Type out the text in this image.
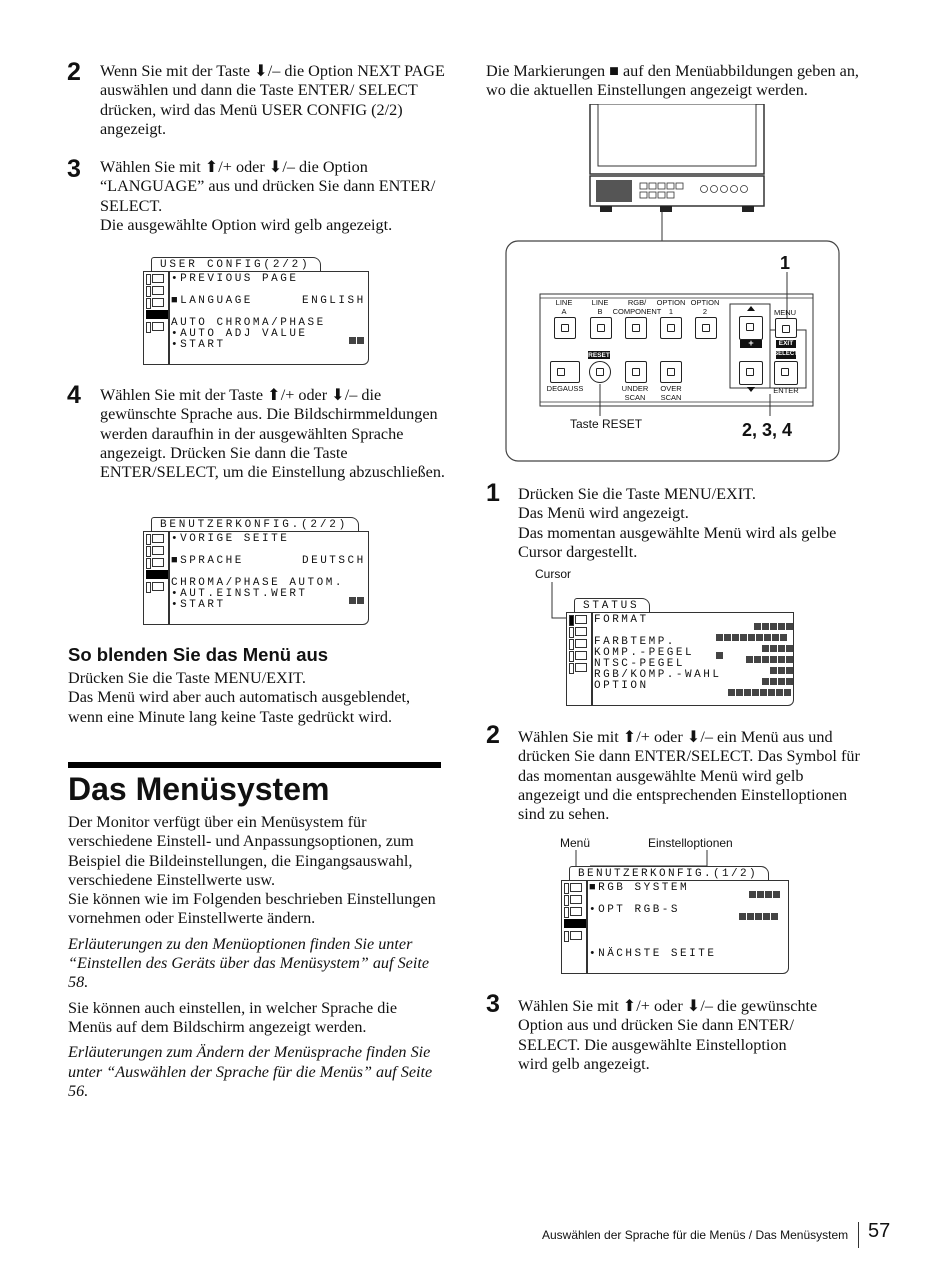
2 Wenn Sie mit der Taste ⬇/– die Option NEXT PAGE auswählen und dann die Taste ENTER/ SELECT drücken, wird das Menü USER CONFIG (2/2) angezeigt.
3 Wählen Sie mit ⬆/+ oder ⬇/– die Option

“LANGUAGE” aus und drücken Sie dann ENTER/

SELECT.

Die ausgewählte Option wird gelb angezeigt.

USER CONFIG(2/2)
•PREVIOUS PAGE
■LANGUAGE	ENGLISH
AUTO CHROMA/PHASE
•AUTO ADJ VALUE
•START
4 Wählen Sie mit der Taste ⬆/+ oder ⬇/– die gewünschte Sprache aus. Die Bildschirmmeldungen werden daraufhin in der ausgewählten Sprache angezeigt. Drücken Sie dann die Taste ENTER/SELECT, um die Einstellung abzuschließen.
BENUTZERKONFIG.(2/2)
•VORIGE SEITE
■SPRACHE	DEUTSCH
CHROMA/PHASE AUTOM.
•AUT.EINST.WERT
•START
So blenden Sie das Menü aus

Drücken Sie die Taste MENU/EXIT.

Das Menü wird aber auch automatisch ausgeblendet, wenn eine Minute lang keine Taste gedrückt wird.

Das Menüsystem

Der Monitor verfügt über ein Menüsystem für verschiedene Einstell- und Anpassungsoptionen, zum Beispiel die Bildeinstellungen, die Eingangsauswahl, verschiedene Einstellwerte usw.

Sie können wie im Folgenden beschrieben Einstellungen vornehmen oder Einstellwerte ändern.

Erläuterungen zu den Menüoptionen finden Sie unter “Einstellen des Geräts über das Menüsystem” auf Seite 58.

Sie können auch einstellen, in welcher Sprache die Menüs auf dem Bildschirm angezeigt werden.

Erläuterungen zum Ändern der Menüsprache finden Sie unter “Auswählen der Sprache für die Menüs” auf Seite 56.

Die Markierungen ■ auf den Menüabbildungen geben an, wo die aktuellen Einstellungen angezeigt werden.
1
2, 3, 4
Taste RESET
LINE
A
LINE
B
RGB/
COMPONENT
OPTION
1
OPTION
2
DEGAUSS
RESET
UNDER
SCAN
OVER
SCAN
+
–
MENU
EXIT
SELECT
ENTER
1 Drücken Sie die Taste MENU/EXIT.

Das Menü wird angezeigt.

Das momentan ausgewählte Menü wird als gelbe Cursor dargestellt.

Cursor
STATUS
FORMAT
FARBTEMP.
KOMP.-PEGEL
NTSC-PEGEL
RGB/KOMP.-WAHL
OPTION
2 Wählen Sie mit ⬆/+ oder ⬇/– ein Menü aus und drücken Sie dann ENTER/SELECT. Das Symbol für das momentan ausgewählte Menü wird gelb angezeigt und die entsprechenden Einstelloptionen sind zu sehen.
Menü	Einstelloptionen
BENUTZERKONFIG.(1/2)
■RGB SYSTEM
•OPT RGB-S
•NÄCHSTE SEITE
3 Wählen Sie mit ⬆/+ oder ⬇/– die gewünschte Option aus und drücken Sie dann ENTER/ SELECT. Die ausgewählte Einstelloption wird gelb angezeigt.
Auswählen der Sprache für die Menüs / Das Menüsystem 57
